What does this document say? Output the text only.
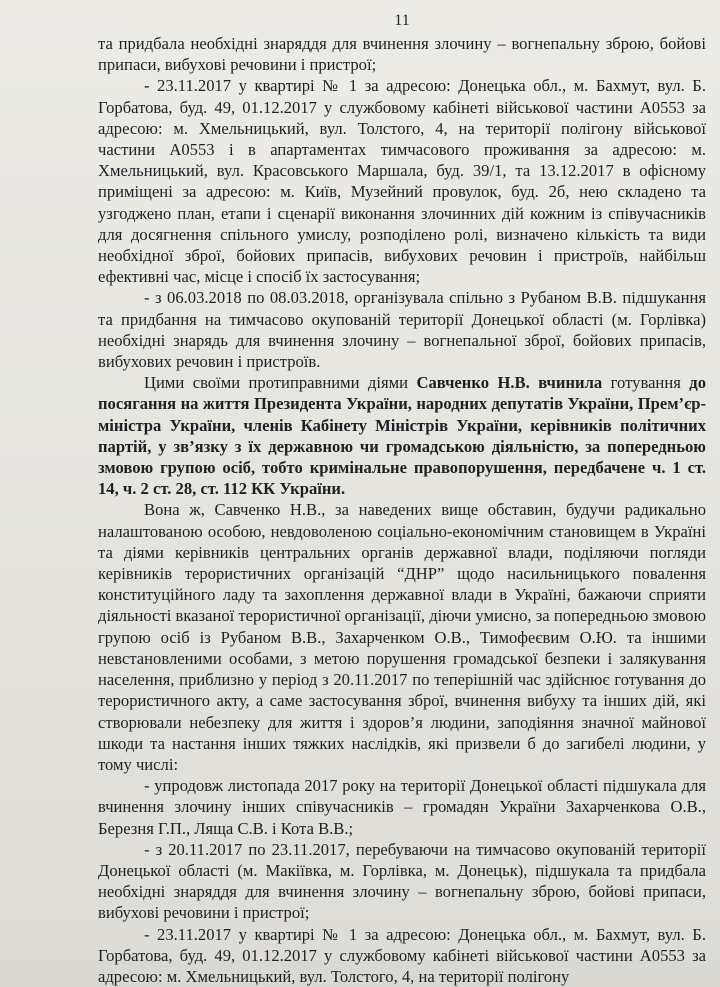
11

та придбала необхідні знаряддя для вчинення злочину – вогнепальну зброю, бойові припаси, вибухові речовини і пристрої;

- 23.11.2017 у квартирі № 1 за адресою: Донецька обл., м. Бахмут, вул. Б. Горбатова, буд. 49, 01.12.2017 у службовому кабінеті військової частини А0553 за адресою: м. Хмельницький, вул. Толстого, 4, на території полігону військової частини А0553 і в апартаментах тимчасового проживання за адресою: м. Хмельницький, вул. Красовського Маршала, буд. 39/1, та 13.12.2017 в офісному приміщені за адресою: м. Київ, Музейний провулок, буд. 2б, нею складено та узгоджено план, етапи і сценарії виконання злочинних дій кожним із співучасників для досягнення спільного умислу, розподілено ролі, визначено кількість та види необхідної зброї, бойових припасів, вибухових речовин і пристроїв, найбільш ефективні час, місце і спосіб їх застосування;

- з 06.03.2018 по 08.03.2018, організувала спільно з Рубаном В.В. підшукання та придбання на тимчасово окупованій території Донецької області (м. Горлівка) необхідні знарядь для вчинення злочину – вогнепальної зброї, бойових припасів, вибухових речовин і пристроїв.

Цими своїми протиправними діями Савченко Н.В. вчинила готування до посягання на життя Президента України, народних депутатів України, Прем’єр-міністра України, членів Кабінету Міністрів України, керівників політичних партій, у зв’язку з їх державною чи громадською діяльністю, за попередньою змовою групою осіб, тобто кримінальне правопорушення, передбачене ч. 1 ст. 14, ч. 2 ст. 28, ст. 112 КК України.

Вона ж, Савченко Н.В., за наведених вище обставин, будучи радикально налаштованою особою, невдоволеною соціально-економічним становищем в Україні та діями керівників центральних органів державної влади, поділяючи погляди керівників терористичних організацій “ДНР” щодо насильницького повалення конституційного ладу та захоплення державної влади в Україні, бажаючи сприяти діяльності вказаної терористичної організації, діючи умисно, за попередньою змовою групою осіб із Рубаном В.В., Захарченком О.В., Тимофеєвим О.Ю. та іншими невстановленими особами, з метою порушення громадської безпеки і залякування населення, приблизно у період з 20.11.2017 по теперішній час здійснює готування до терористичного акту, а саме застосування зброї, вчинення вибуху та інших дій, які створювали небезпеку для життя і здоров’я людини, заподіяння значної майнової шкоди та настання інших тяжких наслідків, які призвели б до загибелі людини, у тому числі:

- упродовж листопада 2017 року на території Донецької області підшукала для вчинення злочину інших співучасників – громадян України Захарченкова О.В., Березня Г.П., Ляща С.В. і Кота В.В.;

- з 20.11.2017 по 23.11.2017, перебуваючи на тимчасово окупованій території Донецької області (м. Макіївка, м. Горлівка, м. Донецьк), підшукала та придбала необхідні знаряддя для вчинення злочину – вогнепальну зброю, бойові припаси, вибухові речовини і пристрої;

- 23.11.2017 у квартирі № 1 за адресою: Донецька обл., м. Бахмут, вул. Б. Горбатова, буд. 49, 01.12.2017 у службовому кабінеті військової частини А0553 за адресою: м. Хмельницький, вул. Толстого, 4, на території полігону
